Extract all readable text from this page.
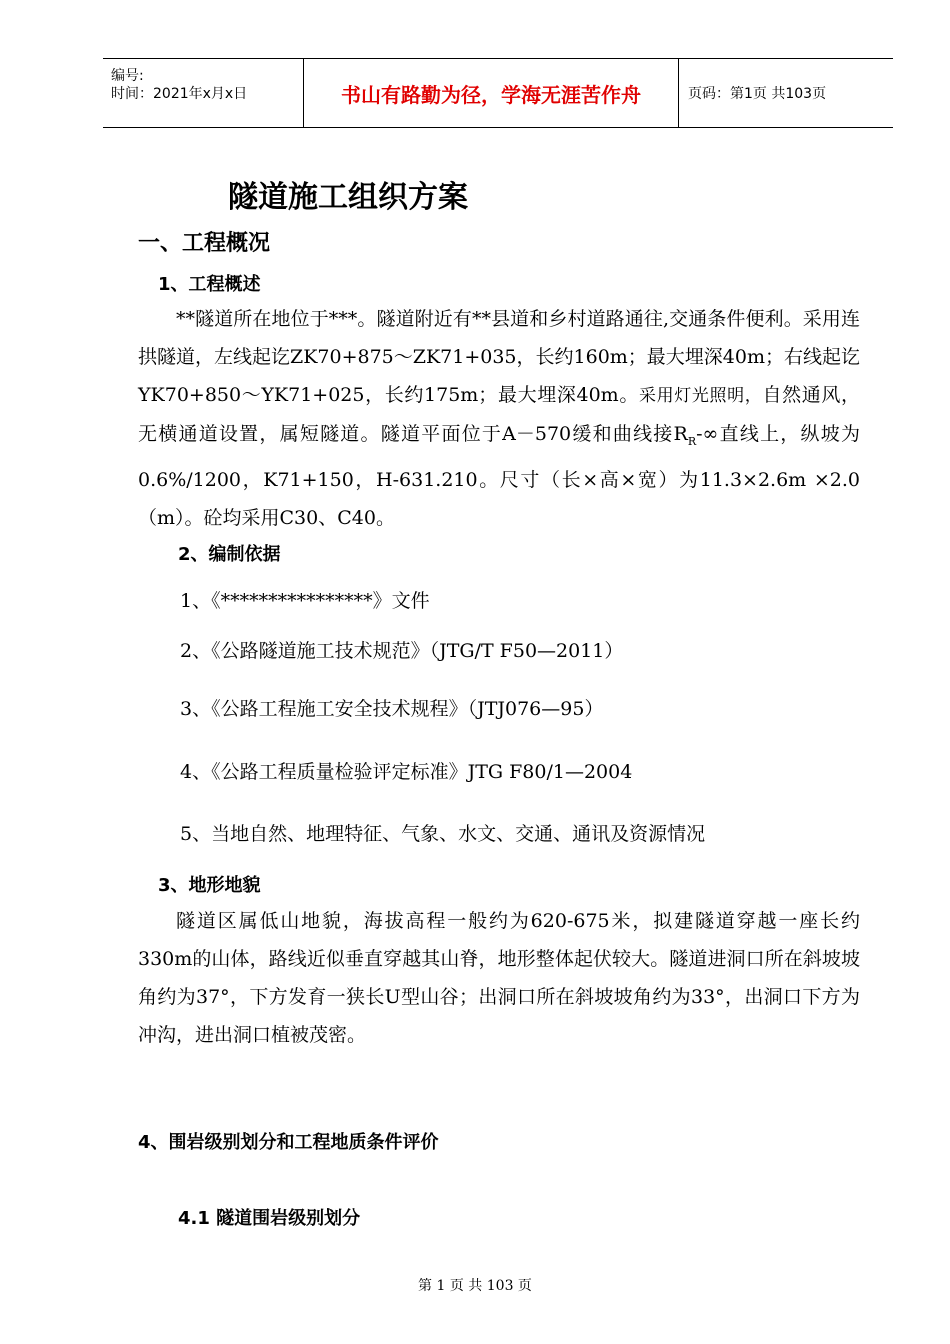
编号:
时间：2021年x月x日	书山有路勤为径，学海无涯苦作舟	页码：第1页 共103页
隧道施工组织方案
一、工程概况
1、工程概述

**隧道所在地位于***。隧道附近有**县道和乡村道路通往,交通条件便利。采用连拱隧道，左线起讫ZK70+875～ZK71+035，长约160m；最大埋深40m；右线起讫YK70+850～YK71+025，长约175m；最大埋深40m。采用灯光照明，自然通风，无横通道设置，属短隧道。隧道平面位于A－570缓和曲线接$R_R-\infty$直线上，纵坡为0.6%/1200，K71+150，H-631.210。尺寸（长×高×宽）为11.3×2.6m ×2.0（m）。砼均采用C30、C40。

2、编制依据
1、《****************》文件
2、《公路隧道施工技术规范》（JTG/T F50—2011）
3、《公路工程施工安全技术规程》（JTJ076—95）
4、《公路工程质量检验评定标准》JTG F80/1—2004
5、当地自然、地理特征、气象、水文、交通、通讯及资源情况
3、地形地貌

隧道区属低山地貌，海拔高程一般约为620-675米，拟建隧道穿越一座长约330m的山体，路线近似垂直穿越其山脊，地形整体起伏较大。隧道进洞口所在斜坡坡角约为37°，下方发育一狭长U型山谷；出洞口所在斜坡坡角约为33°，出洞口下方为冲沟，进出洞口植被茂密。

4、围岩级别划分和工程地质条件评价
4.1 隧道围岩级别划分
第 1 页 共 103 页
